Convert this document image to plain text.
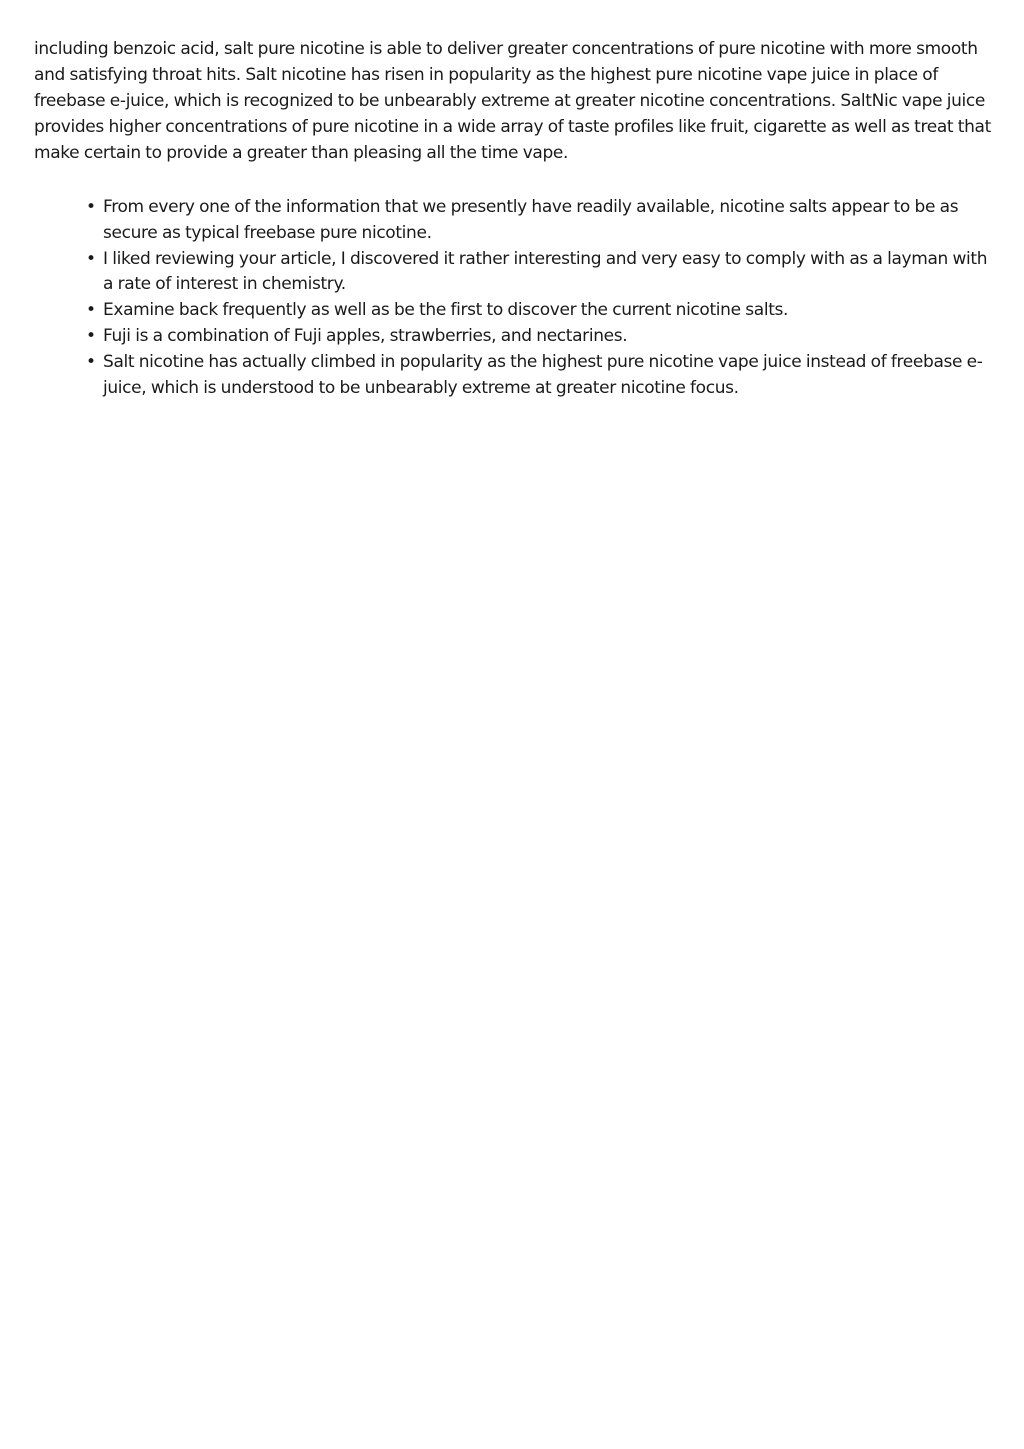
including benzoic acid, salt pure nicotine is able to deliver greater concentrations of pure nicotine with more smooth and satisfying throat hits. Salt nicotine has risen in popularity as the highest pure nicotine vape juice in place of freebase e-juice, which is recognized to be unbearably extreme at greater nicotine concentrations. SaltNic vape juice provides higher concentrations of pure nicotine in a wide array of taste profiles like fruit, cigarette as well as treat that make certain to provide a greater than pleasing all the time vape.

• From every one of the information that we presently have readily available, nicotine salts appear to be as secure as typical freebase pure nicotine.
• I liked reviewing your article, I discovered it rather interesting and very easy to comply with as a layman with a rate of interest in chemistry.
• Examine back frequently as well as be the first to discover the current nicotine salts.
• Fuji is a combination of Fuji apples, strawberries, and nectarines.
• Salt nicotine has actually climbed in popularity as the highest pure nicotine vape juice instead of freebase e-juice, which is understood to be unbearably extreme at greater nicotine focus.
